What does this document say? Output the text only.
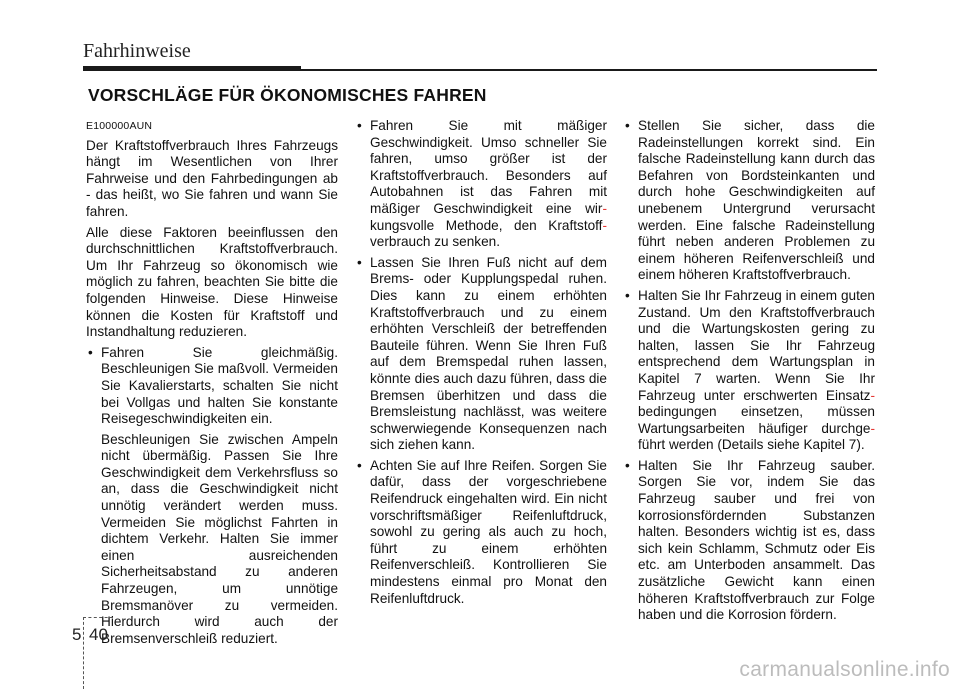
Fahrhinweise
VORSCHLÄGE FÜR ÖKONOMISCHES FAHREN

E100000AUN

Der Kraftstoffverbrauch Ihres Fahrzeugs hängt im Wesentlichen von Ihrer Fahrweise und den Fahrbedingungen ab - das heißt, wo Sie fahren und wann Sie fahren.

Alle diese Faktoren beeinflussen den durchschnittlichen Kraftstoffverbrauch. Um Ihr Fahrzeug so ökonomisch wie möglich zu fahren, beachten Sie bitte die folgenden Hinweise. Diese Hinweise können die Kosten für Kraftstoff und Instandhaltung reduzieren.

• Fahren Sie gleichmäßig. Beschleunigen Sie maßvoll. Vermeiden Sie Kavalierstarts, schalten Sie nicht bei Vollgas und halten Sie konstante Reisegeschwindigkeiten ein.

Beschleunigen Sie zwischen Ampeln nicht übermäßig. Passen Sie Ihre Geschwindigkeit dem Verkehrsfluss so an, dass die Geschwindigkeit nicht unnötig verändert werden muss. Vermeiden Sie möglichst Fahrten in dichtem Verkehr. Halten Sie immer einen ausreichenden Sicherheitsabstand zu anderen Fahrzeugen, um unnötige Bremsmanöver zu vermeiden. Hierdurch wird auch der Bremsenverschleiß reduziert.

• Fahren Sie mit mäßiger Geschwindigkeit. Umso schneller Sie fahren, umso größer ist der Kraftstoffverbrauch. Besonders auf Autobahnen ist das Fahren mit mäßiger Geschwindigkeit eine wir- kungsvolle Methode, den Kraftstoff- verbrauch zu senken.

• Lassen Sie Ihren Fuß nicht auf dem Brems- oder Kupplungspedal ruhen. Dies kann zu einem erhöhten Kraftstoffverbrauch und zu einem erhöhten Verschleiß der betreffenden Bauteile führen. Wenn Sie Ihren Fuß auf dem Bremspedal ruhen lassen, könnte dies auch dazu führen, dass die Bremsen überhitzen und dass die Bremsleistung nachlässt, was weitere schwerwiegende Konsequenzen nach sich ziehen kann.

• Achten Sie auf Ihre Reifen. Sorgen Sie dafür, dass der vorgeschriebene Reifendruck eingehalten wird. Ein nicht vorschriftsmäßiger Reifenluftdruck, sowohl zu gering als auch zu hoch, führt zu einem erhöhten Reifenverschleiß. Kontrollieren Sie mindestens einmal pro Monat den Reifenluftdruck.

• Stellen Sie sicher, dass die Radeinstellungen korrekt sind. Ein falsche Radeinstellung kann durch das Befahren von Bordsteinkanten und durch hohe Geschwindigkeiten auf unebenem Untergrund verursacht werden. Eine falsche Radeinstellung führt neben anderen Problemen zu einem höheren Reifenverschleiß und einem höheren Kraftstoffverbrauch.

• Halten Sie Ihr Fahrzeug in einem guten Zustand. Um den Kraftstoffverbrauch und die Wartungskosten gering zu halten, lassen Sie Ihr Fahrzeug entsprechend dem Wartungsplan in Kapitel 7 warten. Wenn Sie Ihr Fahrzeug unter erschwerten Einsatz- bedingungen einsetzen, müssen Wartungsarbeiten häufiger durchge- führt werden (Details siehe Kapitel 7).

• Halten Sie Ihr Fahrzeug sauber. Sorgen Sie vor, indem Sie das Fahrzeug sauber und frei von korrosionsfördernden Substanzen halten. Besonders wichtig ist es, dass sich kein Schlamm, Schmutz oder Eis etc. am Unterboden ansammelt. Das zusätzliche Gewicht kann einen höheren Kraftstoffverbrauch zur Folge haben und die Korrosion fördern.

5 40
carmanualsonline.info
